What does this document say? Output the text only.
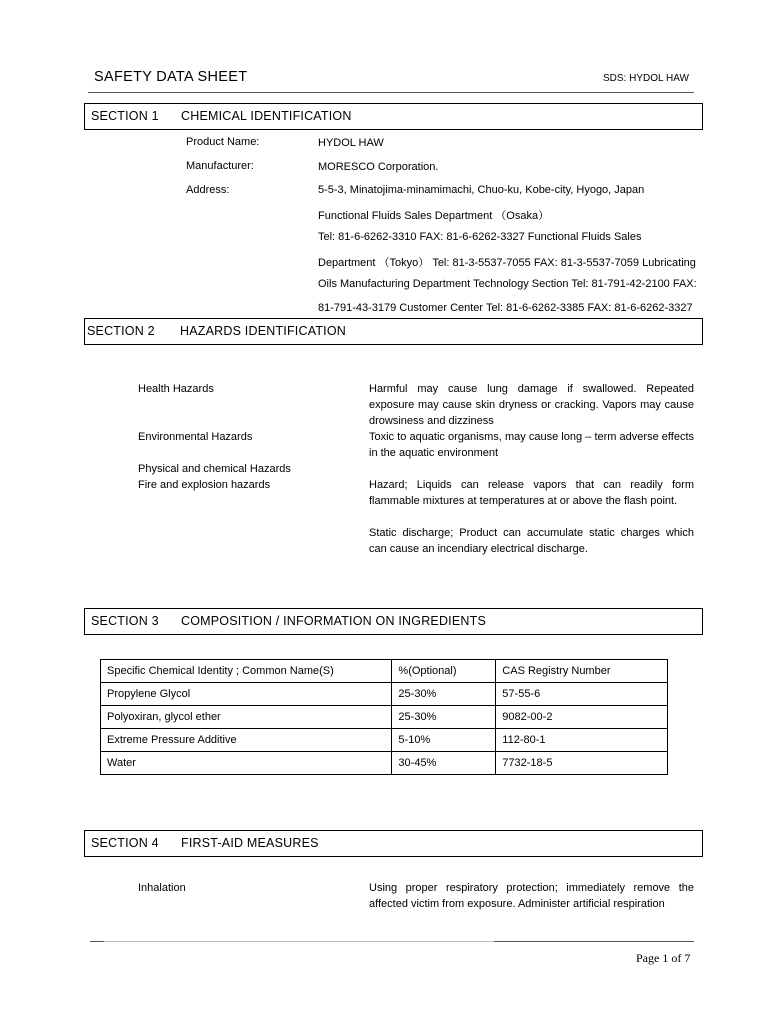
SAFETY DATA SHEET	SDS: HYDOL HAW
SECTION 1 CHEMICAL IDENTIFICATION
Product Name:	HYDOL HAW
Manufacturer:	MORESCO Corporation.
Address:	5-5-3, Minatojima-minamimachi, Chuo-ku, Kobe-city, Hyogo, Japan
Functional Fluids Sales Department （Osaka）
Tel: 81-6-6262-3310 FAX: 81-6-6262-3327 Functional Fluids Sales
Department （Tokyo） Tel: 81-3-5537-7055 FAX: 81-3-5537-7059 Lubricating
Oils Manufacturing Department Technology Section Tel: 81-791-42-2100 FAX:
81-791-43-3179 Customer Center Tel: 81-6-6262-3385 FAX: 81-6-6262-3327
SECTION 2 HAZARDS IDENTIFICATION
Health Hazards	Harmful may cause lung damage if swallowed. Repeated exposure may cause skin dryness or cracking. Vapors may cause drowsiness and dizziness
Environmental Hazards	Toxic to aquatic organisms, may cause long – term adverse effects in the aquatic environment
Physical and chemical Hazards
Fire and explosion hazards	Hazard; Liquids can release vapors that can readily form flammable mixtures at temperatures at or above the flash point.
Static discharge; Product can accumulate static charges which can cause an incendiary electrical discharge.
SECTION 3 COMPOSITION / INFORMATION ON INGREDIENTS
Specific Chemical Identity ; Common Name(S)	%(Optional)	CAS Registry Number
Propylene Glycol	25-30%	57-55-6
Polyoxiran, glycol ether	25-30%	9082-00-2
Extreme Pressure Additive	5-10%	112-80-1
Water	30-45%	7732-18-5
SECTION 4 FIRST-AID MEASURES
Inhalation	Using proper respiratory protection; immediately remove the affected victim from exposure. Administer artificial respiration
Page 1 of 7
